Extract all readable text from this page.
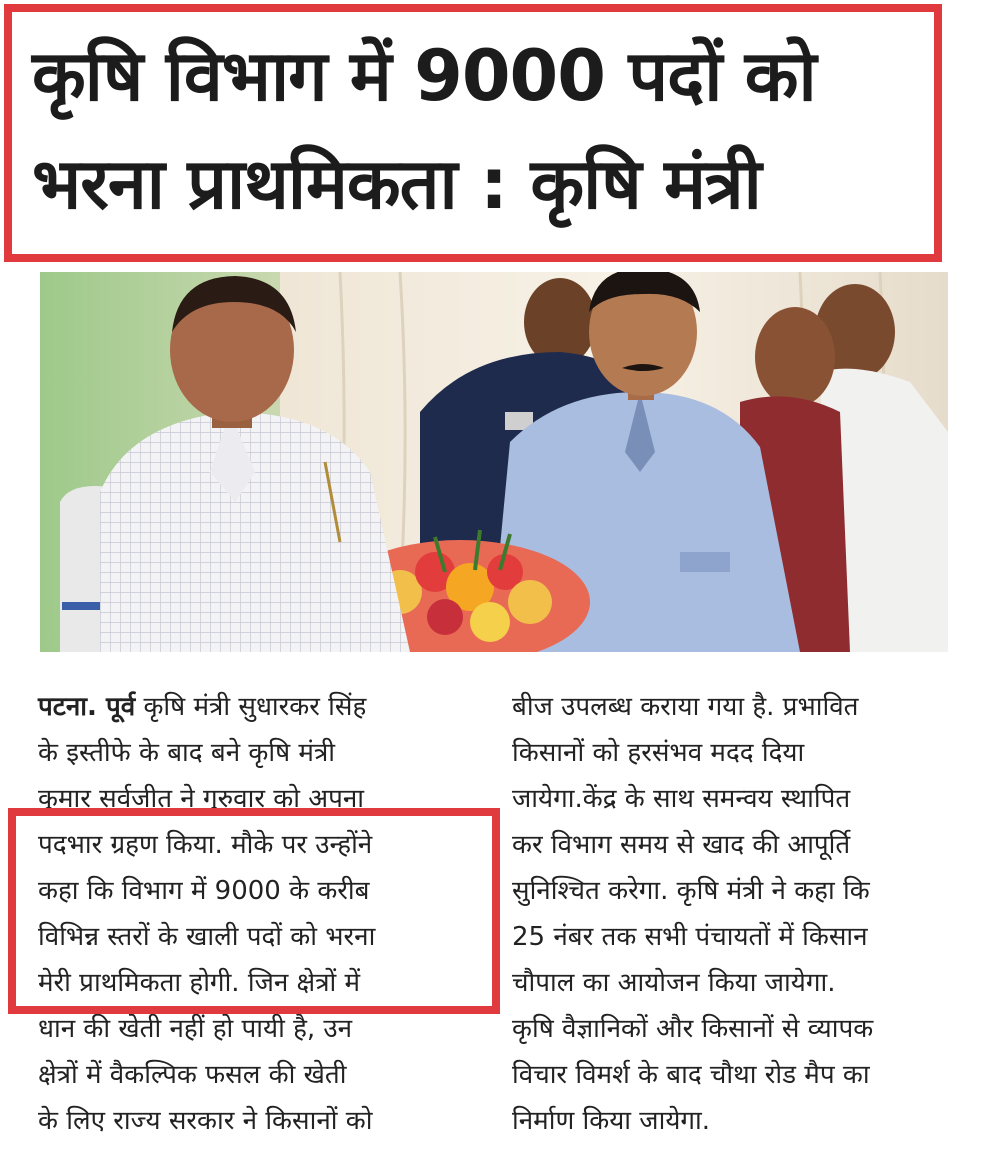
कृषि विभाग में 9000 पदों को
भरना प्राथमिकता : कृषि मंत्री

पटना. पूर्व कृषि मंत्री सुधारकर सिंह
के इस्तीफे के बाद बने कृषि मंत्री
कुमार सर्वजीत ने गुरुवार को अपना
पदभार ग्रहण किया. मौके पर उन्होंने
कहा कि विभाग में 9000 के करीब
विभिन्न स्तरों के खाली पदों को भरना
मेरी प्राथमिकता होगी. जिन क्षेत्रों में
धान की खेती नहीं हो पायी है, उन
क्षेत्रों में वैकल्पिक फसल की खेती
के लिए राज्य सरकार ने किसानों को

बीज उपलब्ध कराया गया है. प्रभावित
किसानों को हरसंभव मदद दिया
जायेगा.केंद्र के साथ समन्वय स्थापित
कर विभाग समय से खाद की आपूर्ति
सुनिश्चित करेगा. कृषि मंत्री ने कहा कि
25 नंबर तक सभी पंचायतों में किसान
चौपाल का आयोजन किया जायेगा.
कृषि वैज्ञानिकों और किसानों से व्यापक
विचार विमर्श के बाद चौथा रोड मैप का
निर्माण किया जायेगा.
